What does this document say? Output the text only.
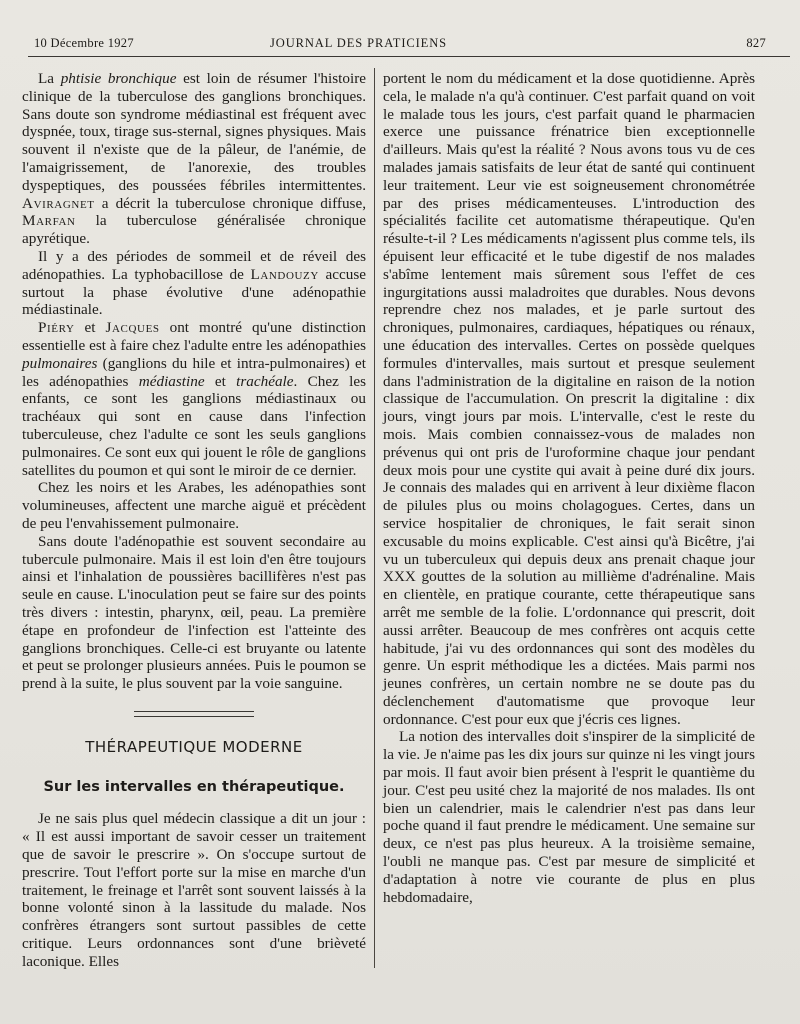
10 Décembre 1927	JOURNAL DES PRATICIENS	827

La phtisie bronchique est loin de résumer l'histoire clinique de la tuberculose des ganglions bronchiques. Sans doute son syndrome médiastinal est fréquent avec dyspnée, toux, tirage sus-sternal, signes physiques. Mais souvent il n'existe que de la pâleur, de l'anémie, de l'amaigrissement, de l'anorexie, des troubles dyspeptiques, des poussées fébriles intermittentes. Aviragnet a décrit la tuberculose chronique diffuse, Marfan la tuberculose généralisée chronique apyrétique.

Il y a des périodes de sommeil et de réveil des adénopathies. La typhobacillose de Landouzy accuse surtout la phase évolutive d'une adénopathie médiastinale.

Piéry et Jacques ont montré qu'une distinction essentielle est à faire chez l'adulte entre les adénopathies pulmonaires (ganglions du hile et intra-pulmonaires) et les adénopathies médiastine et trachéale. Chez les enfants, ce sont les ganglions médiastinaux ou trachéaux qui sont en cause dans l'infection tuberculeuse, chez l'adulte ce sont les seuls ganglions pulmonaires. Ce sont eux qui jouent le rôle de ganglions satellites du poumon et qui sont le miroir de ce dernier.

Chez les noirs et les Arabes, les adénopathies sont volumineuses, affectent une marche aiguë et précèdent de peu l'envahissement pulmonaire.

Sans doute l'adénopathie est souvent secondaire au tubercule pulmonaire. Mais il est loin d'en être toujours ainsi et l'inhalation de poussières bacillifères n'est pas seule en cause. L'inoculation peut se faire sur des points très divers : intestin, pharynx, œil, peau. La première étape en profondeur de l'infection est l'atteinte des ganglions bronchiques. Celle-ci est bruyante ou latente et peut se prolonger plusieurs années. Puis le poumon se prend à la suite, le plus souvent par la voie sanguine.

THÉRAPEUTIQUE MODERNE
Sur les intervalles en thérapeutique.

Je ne sais plus quel médecin classique a dit un jour : « Il est aussi important de savoir cesser un traitement que de savoir le prescrire ». On s'occupe surtout de prescrire. Tout l'effort porte sur la mise en marche d'un traitement, le freinage et l'arrêt sont souvent laissés à la bonne volonté sinon à la lassitude du malade. Nos confrères étrangers sont surtout passibles de cette critique. Leurs ordonnances sont d'une brièveté laconique. Elles

portent le nom du médicament et la dose quotidienne. Après cela, le malade n'a qu'à continuer. C'est parfait quand on voit le malade tous les jours, c'est parfait quand le pharmacien exerce une puissance frénatrice bien exceptionnelle d'ailleurs. Mais qu'est la réalité ? Nous avons tous vu de ces malades jamais satisfaits de leur état de santé qui continuent leur traitement. Leur vie est soigneusement chronométrée par des prises médicamenteuses. L'introduction des spécialités facilite cet automatisme thérapeutique. Qu'en résulte-t-il ? Les médicaments n'agissent plus comme tels, ils épuisent leur efficacité et le tube digestif de nos malades s'abîme lentement mais sûrement sous l'effet de ces ingurgitations aussi maladroites que durables. Nous devons reprendre chez nos malades, et je parle surtout des chroniques, pulmonaires, cardiaques, hépatiques ou rénaux, une éducation des intervalles. Certes on possède quelques formules d'intervalles, mais surtout et presque seulement dans l'administration de la digitaline en raison de la notion classique de l'accumulation. On prescrit la digitaline : dix jours, vingt jours par mois. L'intervalle, c'est le reste du mois. Mais combien connaissez-vous de malades non prévenus qui ont pris de l'uroformine chaque jour pendant deux mois pour une cystite qui avait à peine duré dix jours. Je connais des malades qui en arrivent à leur dixième flacon de pilules plus ou moins cholagogues. Certes, dans un service hospitalier de chroniques, le fait serait sinon excusable du moins explicable. C'est ainsi qu'à Bicêtre, j'ai vu un tuberculeux qui depuis deux ans prenait chaque jour XXX gouttes de la solution au millième d'adrénaline. Mais en clientèle, en pratique courante, cette thérapeutique sans arrêt me semble de la folie. L'ordonnance qui prescrit, doit aussi arrêter. Beaucoup de mes confrères ont acquis cette habitude, j'ai vu des ordonnances qui sont des modèles du genre. Un esprit méthodique les a dictées. Mais parmi nos jeunes confrères, un certain nombre ne se doute pas du déclenchement d'automatisme que provoque leur ordonnance. C'est pour eux que j'écris ces lignes.

La notion des intervalles doit s'inspirer de la simplicité de la vie. Je n'aime pas les dix jours sur quinze ni les vingt jours par mois. Il faut avoir bien présent à l'esprit le quantième du jour. C'est peu usité chez la majorité de nos malades. Ils ont bien un calendrier, mais le calendrier n'est pas dans leur poche quand il faut prendre le médicament. Une semaine sur deux, ce n'est pas plus heureux. A la troisième semaine, l'oubli ne manque pas. C'est par mesure de simplicité et d'adaptation à notre vie courante de plus en plus hebdomadaire,
